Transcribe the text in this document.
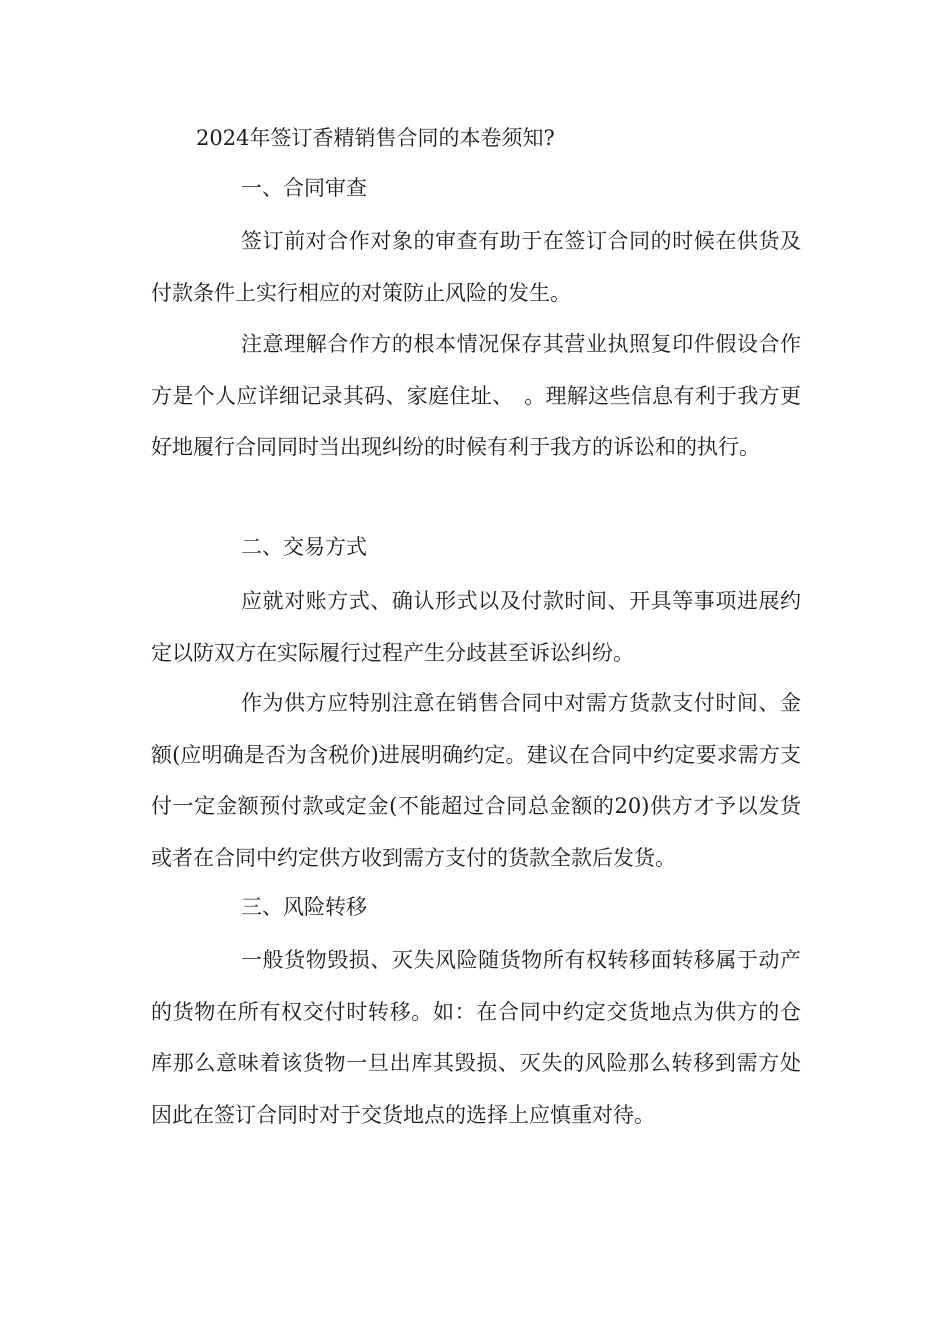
2024年签订香精销售合同的本卷须知?
一、合同审查
签订前对合作对象的审查有助于在签订合同的时候在供货及付款条件上实行相应的对策防止风险的发生。
注意理解合作方的根本情况保存其营业执照复印件假设合作方是个人应详细记录其码、家庭住址、　。理解这些信息有利于我方更好地履行合同同时当出现纠纷的时候有利于我方的诉讼和的执行。
二、交易方式
应就对账方式、确认形式以及付款时间、开具等事项进展约定以防双方在实际履行过程产生分歧甚至诉讼纠纷。
作为供方应特别注意在销售合同中对需方货款支付时间、金额(应明确是否为含税价)进展明确约定。建议在合同中约定要求需方支付一定金额预付款或定金(不能超过合同总金额的20)供方才予以发货或者在合同中约定供方收到需方支付的货款全款后发货。
三、风险转移
一般货物毁损、灭失风险随货物所有权转移面转移属于动产的货物在所有权交付时转移。如：在合同中约定交货地点为供方的仓库那么意味着该货物一旦出库其毁损、灭失的风险那么转移到需方处因此在签订合同时对于交货地点的选择上应慎重对待。
